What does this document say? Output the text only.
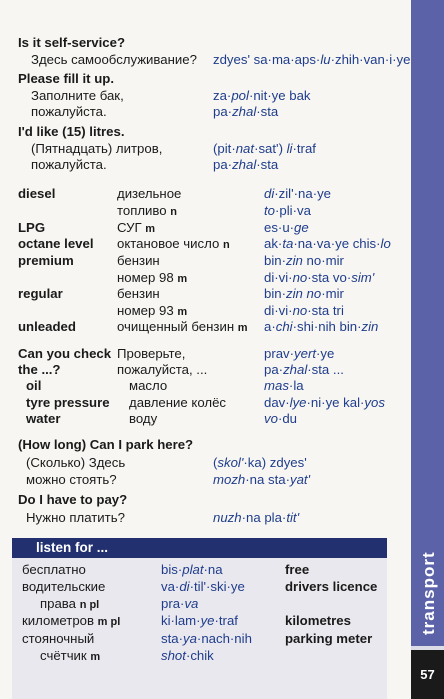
Is it self-service?
Здесь самообслуживание? zdyes' sa·ma·aps·lu·zhih·van·i·ye
Please fill it up.
Заполните бак,	za·pol·nit·ye bak
пожалуйста.	pa·zhal·sta
I'd like (15) litres.
(Пятнадцать) литров,	(pit·nat·sat') li·traf
пожалуйста.	pa·zhal·sta
diesel	дизельное	di·zil'·na·ye
топливо n	to·pli·va
LPG	СУГ m	es·u·ge
octane level октановое число n	ak·ta·na·va·ye chis·lo
premium	бензин	bin·zin no·mir
номер 98 m	di·vi·no·sta vo·sim'
regular	бензин	bin·zin no·mir
номер 93 m	di·vi·no·sta tri
unleaded	очищенный бензин m a·chi·shi·nih bin·zin
Can you check Проверьте,	prav·yert·ye
the ...?	пожалуйста, ...	pa·zhal·sta ...
oil	масло	mas·la
tyre pressure давление колёс	dav·lye·ni·ye kal·yos
water	воду	vo·du
(How long) Can I park here?
(Сколько) Здесь	(skol'·ka) zdyes'
можно стоять?	mozh·na sta·yat'
Do I have to pay?
Нужно платить?	nuzh·na pla·tit'
listen for ...
бесплатно	bis·plat·na	free
водительские	va·di·til'·ski·ye	drivers licence
права n pl	pra·va
километров m pl	ki·lam·ye·traf	kilometres
стояночный	sta·ya·nach·nih	parking meter
счётчик m	shot·chik
transport
57
